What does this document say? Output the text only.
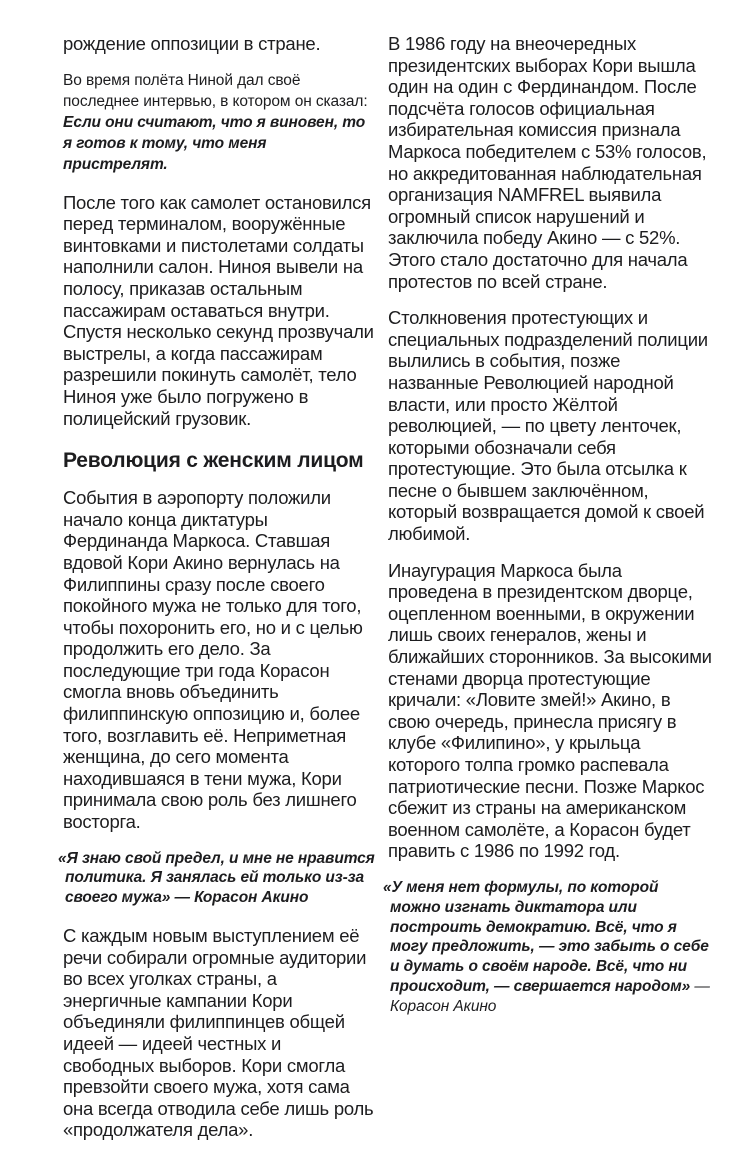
рождение оппозиции в стране.

Во время полёта Ниной дал своё последнее интервью, в котором он сказал: Если они считают, что я виновен, то я готов к тому, что меня пристрелят.

После того как самолет остановился перед терминалом, вооружённые винтовками и пистолетами солдаты наполнили салон. Ниноя вывели на полосу, приказав остальным пассажирам оставаться внутри. Спустя несколько секунд прозвучали выстрелы, а когда пассажирам разрешили покинуть самолёт, тело Ниноя уже было погружено в полицейский грузовик.

Революция с женским лицом

События в аэропорту положили начало конца диктатуры Фердинанда Маркоса. Ставшая вдовой Кори Акино вернулась на Филиппины сразу после своего покойного мужа не только для того, чтобы похоронить его, но и с целью продолжить его дело. За последующие три года Корасон смогла вновь объединить филиппинскую оппозицию и, более того, возглавить её. Неприметная женщина, до сего момента находившаяся в тени мужа, Кори принимала свою роль без лишнего восторга.

«Я знаю свой предел, и мне не нравится политика. Я занялась ей только из-за своего мужа» — Корасон Акино

С каждым новым выступлением её речи собирали огромные аудитории во всех уголках страны, а энергичные кампании Кори объединяли филиппинцев общей идеей — идеей честных и свободных выборов. Кори смогла превзойти своего мужа, хотя сама она всегда отводила себе лишь роль «продолжателя дела».

В 1986 году на внеочередных президентских выборах Кори вышла один на один с Фердинандом. После подсчёта голосов официальная избирательная комиссия признала Маркоса победителем с 53% голосов, но аккредитованная наблюдательная организация NAMFREL выявила огромный список нарушений и заключила победу Акино — с 52%. Этого стало достаточно для начала протестов по всей стране.

Столкновения протестующих и специальных подразделений полиции вылились в события, позже названные Революцией народной власти, или просто Жёлтой революцией, — по цвету ленточек, которыми обозначали себя протестующие. Это была отсылка к песне о бывшем заключённом, который возвращается домой к своей любимой.

Инаугурация Маркоса была проведена в президентском дворце, оцепленном военными, в окружении лишь своих генералов, жены и ближайших сторонников. За высокими стенами дворца протестующие кричали: «Ловите змей!» Акино, в свою очередь, принесла присягу в клубе «Филипино», у крыльца которого толпа громко распевала патриотические песни. Позже Маркос сбежит из страны на американском военном самолёте, а Корасон будет править с 1986 по 1992 год.

«У меня нет формулы, по которой можно изгнать диктатора или построить демократию. Всё, что я могу предложить, — это забыть о себе и думать о своём народе. Всё, что ни происходит, — свершается народом» — Корасон Акино
